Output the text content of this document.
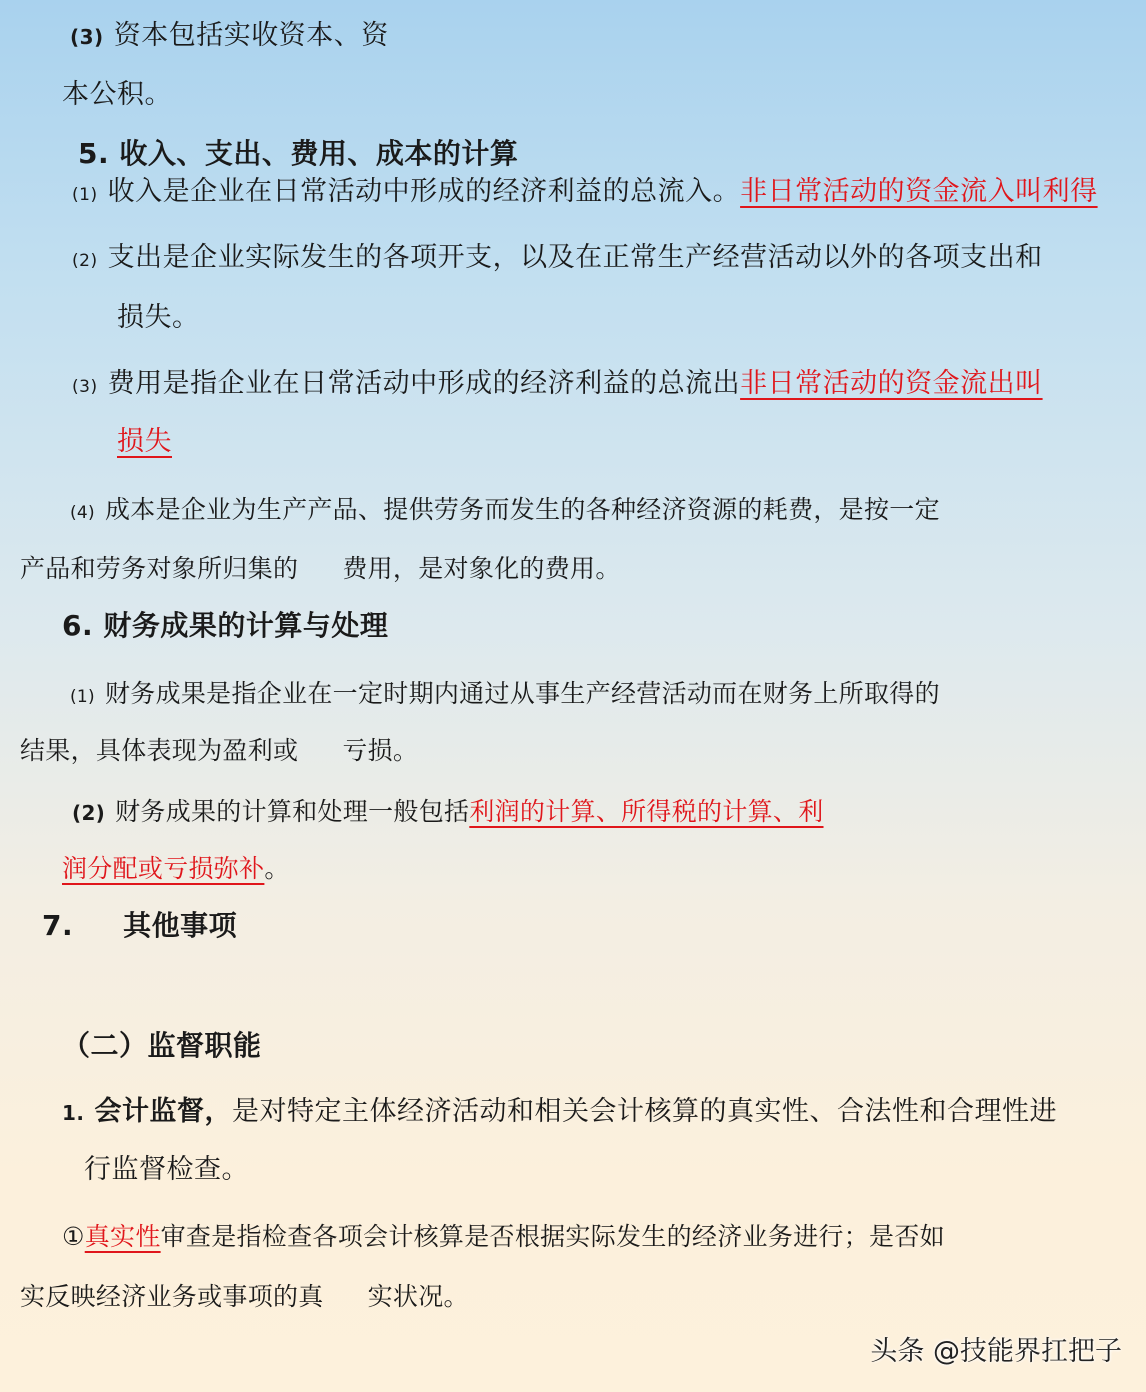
(3) 资本包括实收资本、资
本公积。
5. 收入、支出、费用、成本的计算
(1) 收入是企业在日常活动中形成的经济利益的总流入。非日常活动的资金流入叫利得
(2) 支出是企业实际发生的各项开支，以及在正常生产经营活动以外的各项支出和
损失。
(3) 费用是指企业在日常活动中形成的经济利益的总流出非日常活动的资金流出叫
损失
(4) 成本是企业为生产产品、提供劳务而发生的各种经济资源的耗费，是按一定
产品和劳务对象所归集的 费用，是对象化的费用。
6. 财务成果的计算与处理
(1) 财务成果是指企业在一定时期内通过从事生产经营活动而在财务上所取得的
结果，具体表现为盈利或 亏损。
(2) 财务成果的计算和处理一般包括利润的计算、所得税的计算、利
润分配或亏损弥补。
7. 其他事项
（二）监督职能
1. 会计监督，是对特定主体经济活动和相关会计核算的真实性、合法性和合理性进
行监督检查。
①真实性审查是指检查各项会计核算是否根据实际发生的经济业务进行；是否如
实反映经济业务或事项的真 实状况。
头条 @技能界扛把子
